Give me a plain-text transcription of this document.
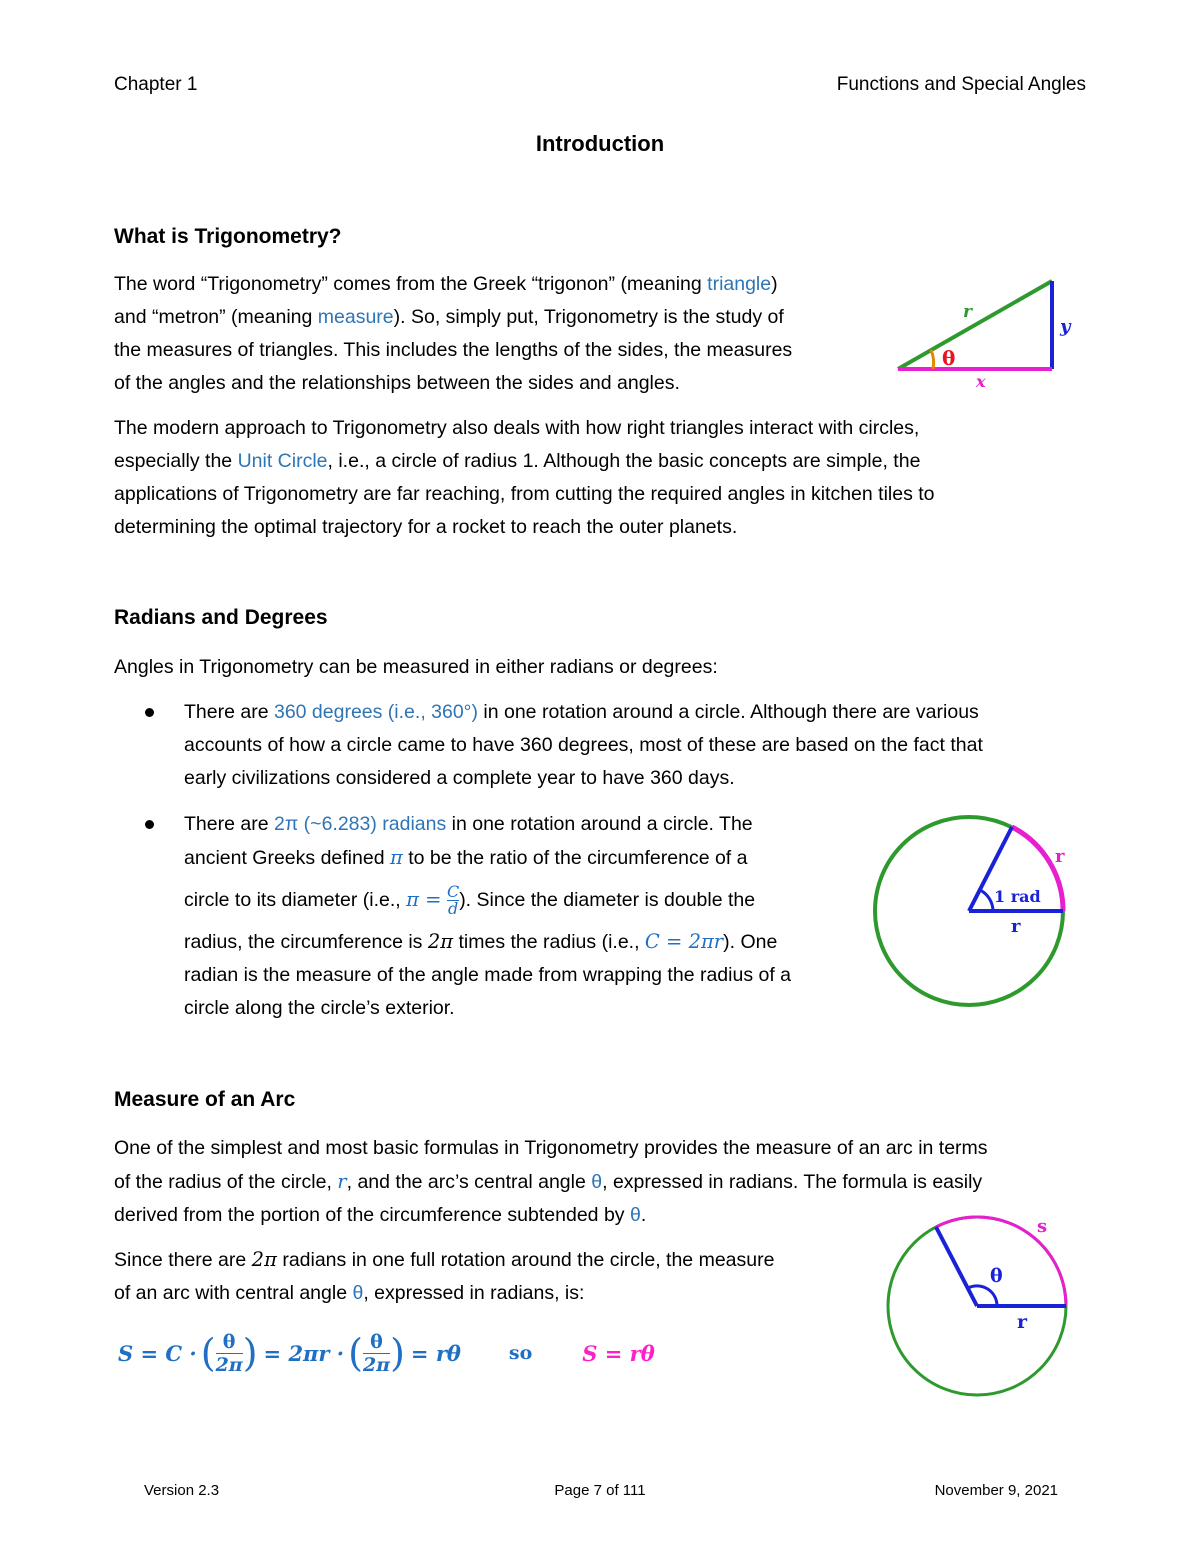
Chapter 1	Functions and Special Angles
Introduction
What is Trigonometry?
The word “Trigonometry” comes from the Greek “trigonon” (meaning triangle)
and “metron” (meaning measure). So, simply put, Trigonometry is the study of
the measures of triangles. This includes the lengths of the sides, the measures
of the angles and the relationships between the sides and angles.
r
y
x
θ
The modern approach to Trigonometry also deals with how right triangles interact with circles,
especially the Unit Circle, i.e., a circle of radius 1. Although the basic concepts are simple, the
applications of Trigonometry are far reaching, from cutting the required angles in kitchen tiles to
determining the optimal trajectory for a rocket to reach the outer planets.
Radians and Degrees
Angles in Trigonometry can be measured in either radians or degrees:
There are 360 degrees (i.e., 360°) in one rotation around a circle. Although there are various
accounts of how a circle came to have 360 degrees, most of these are based on the fact that
early civilizations considered a complete year to have 360 days.
There are 2π (~6.283) radians in one rotation around a circle. The
ancient Greeks defined π to be the ratio of the circumference of a
circle to its diameter (i.e., $\pi = \frac{C}{d}$ ). Since the diameter is double the
radius, the circumference is 2π times the radius (i.e., C = 2πr). One
radian is the measure of the angle made from wrapping the radius of a
circle along the circle’s exterior.
r
r
1 rad
Measure of an Arc
One of the simplest and most basic formulas in Trigonometry provides the measure of an arc in terms
of the radius of the circle, r, and the arc’s central angle θ, expressed in radians. The formula is easily
derived from the portion of the circumference subtended by θ.
Since there are 2π radians in one full rotation around the circle, the measure
of an arc with central angle θ, expressed in radians, is:
S = C · ( $\frac{\theta}{2\pi}$ ) = 2πr · ( $\frac{\theta}{2\pi}$ ) = rθ	so S = rθ
s
θ
r
Version 2.3	Page 7 of 111	November 9, 2021
